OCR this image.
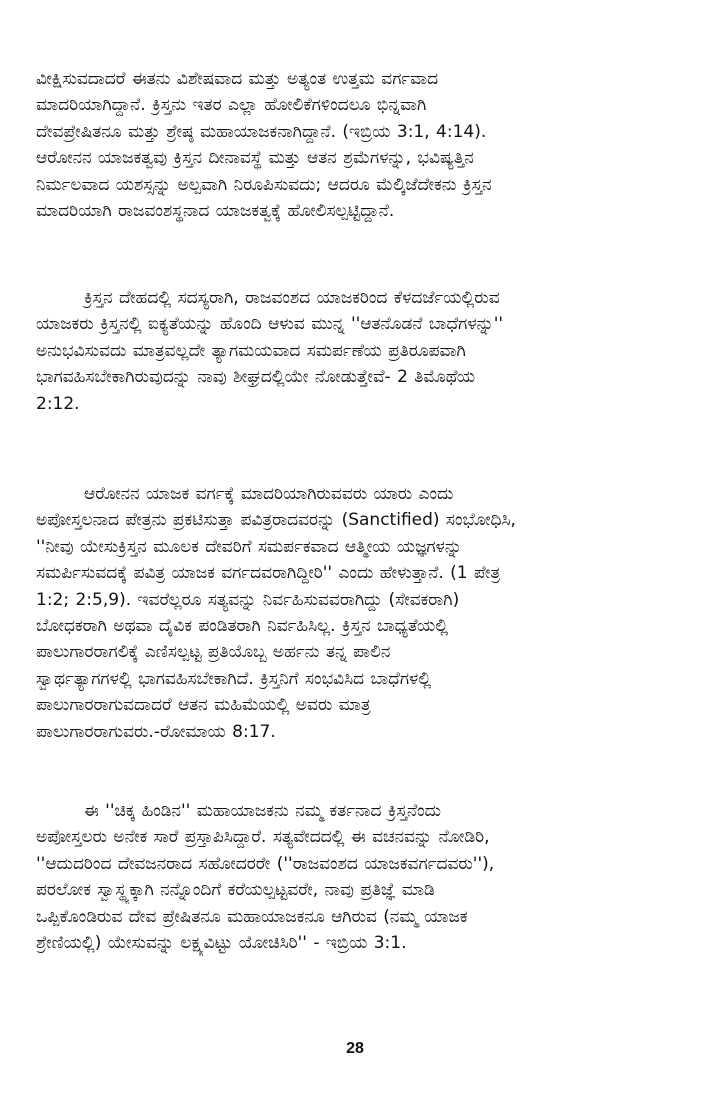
ವೀಕ್ಷಿಸುವದಾದರೆ ಈತನು ವಿಶೇಷವಾದ ಮತ್ತು ಅತ್ಯಂತ ಉತ್ತಮ ವರ್ಗವಾದ
ಮಾದರಿಯಾಗಿದ್ದಾನೆ. ಕ್ರಿಸ್ತನು ಇತರ ಎಲ್ಲಾ ಹೋಲಿಕೆಗಳಿಂದಲೂ ಭಿನ್ನವಾಗಿ
ದೇವಪ್ರೇಷಿತನೂ ಮತ್ತು ಶ್ರೇಷ್ಠ ಮಹಾಯಾಜಕನಾಗಿದ್ದಾನೆ. (ಇಬ್ರಿಯ 3:1, 4:14).
ಆರೋನನ ಯಾಜಕತ್ವವು ಕ್ರಿಸ್ತನ ದೀನಾವಸ್ಥೆ ಮತ್ತು ಆತನ ಶ್ರಮೆಗಳನ್ನು, ಭವಿಷ್ಯತ್ತಿನ
ನಿರ್ಮಲವಾದ ಯಶಸ್ಸನ್ನು ಅಲ್ಪವಾಗಿ ನಿರೂಪಿಸುವದು; ಆದರೂ ಮೆಲ್ಕಿಜೆದೇಕನು ಕ್ರಿಸ್ತನ
ಮಾದರಿಯಾಗಿ ರಾಜವಂಶಸ್ಥನಾದ ಯಾಜಕತ್ವಕ್ಕೆ ಹೋಲಿಸಲ್ಪಟ್ಟಿದ್ದಾನೆ.
ಕ್ರಿಸ್ತನ ದೇಹದಲ್ಲಿ ಸದಸ್ಯರಾಗಿ, ರಾಜವಂಶದ ಯಾಜಕರಿಂದ ಕೆಳದರ್ಜೆಯಲ್ಲಿರುವ
ಯಾಜಕರು ಕ್ರಿಸ್ತನಲ್ಲಿ ಐಕ್ಯತೆಯನ್ನು ಹೊಂದಿ ಆಳುವ ಮುನ್ನ ''ಆತನೊಡನೆ ಬಾಧೆಗಳನ್ನು''
ಅನುಭವಿಸುವದು ಮಾತ್ರವಲ್ಲದೇ ತ್ಯಾಗಮಯವಾದ ಸಮರ್ಪಣೆಯ ಪ್ರತಿರೂಪವಾಗಿ
ಭಾಗವಹಿಸಬೇಕಾಗಿರುವುದನ್ನು ನಾವು ಶೀಘ್ರದಲ್ಲಿಯೇ ನೋಡುತ್ತೇವೆ- 2 ತಿಮೊಥೆಯ
2:12.
ಆರೋನನ ಯಾಜಕ ವರ್ಗಕ್ಕೆ ಮಾದರಿಯಾಗಿರುವವರು ಯಾರು ಎಂದು
ಅಪೋಸ್ತಲನಾದ ಪೇತ್ರನು ಪ್ರಕಟಿಸುತ್ತಾ ಪವಿತ್ರರಾದವರನ್ನು (Sanctified) ಸಂಭೋಧಿಸಿ,
''ನೀವು ಯೇಸುಕ್ರಿಸ್ತನ ಮೂಲಕ ದೇವರಿಗೆ ಸಮರ್ಪಕವಾದ ಆತ್ಮೀಯ ಯಜ್ಞಗಳನ್ನು
ಸಮರ್ಪಿಸುವದಕ್ಕೆ ಪವಿತ್ರ ಯಾಜಕ ವರ್ಗದವರಾಗಿದ್ದೀರಿ'' ಎಂದು ಹೇಳುತ್ತಾನೆ. (1 ಪೇತ್ರ
1:2; 2:5,9). ಇವರೆಲ್ಲರೂ ಸತ್ಯವನ್ನು ನಿರ್ವಹಿಸುವವರಾಗಿದ್ದು (ಸೇವಕರಾಗಿ)
ಬೋಧಕರಾಗಿ ಅಥವಾ ದೈವಿಕ ಪಂಡಿತರಾಗಿ ನಿರ್ವಹಿಸಿಲ್ಲ. ಕ್ರಿಸ್ತನ ಬಾಧ್ಯತೆಯಲ್ಲಿ
ಪಾಲುಗಾರರಾಗಲಿಕ್ಕೆ ಎಣಿಸಲ್ಪಟ್ಟ ಪ್ರತಿಯೊಬ್ಬ ಅರ್ಹನು ತನ್ನ ಪಾಲಿನ
ಸ್ವಾರ್ಥತ್ಯಾಗಗಳಲ್ಲಿ ಭಾಗವಹಿಸಬೇಕಾಗಿದೆ. ಕ್ರಿಸ್ತನಿಗೆ ಸಂಭವಿಸಿದ ಬಾಧೆಗಳಲ್ಲಿ
ಪಾಲುಗಾರರಾಗುವದಾದರೆ ಆತನ ಮಹಿಮೆಯಲ್ಲಿ ಅವರು ಮಾತ್ರ
ಪಾಲುಗಾರರಾಗುವರು.-ರೋಮಾಯ 8:17.
ಈ ''ಚಿಕ್ಕ ಹಿಂಡಿನ'' ಮಹಾಯಾಜಕನು ನಮ್ಮ ಕರ್ತನಾದ ಕ್ರಿಸ್ತನೆಂದು
ಅಪೋಸ್ತಲರು ಅನೇಕ ಸಾರೆ ಪ್ರಸ್ತಾಪಿಸಿದ್ದಾರೆ. ಸತ್ಯವೇದದಲ್ಲಿ ಈ ವಚನವನ್ನು ನೋಡಿರಿ,
''ಆದುದರಿಂದ ದೇವಜನರಾದ ಸಹೋದರರೇ (''ರಾಜವಂಶದ ಯಾಜಕವರ್ಗದವರು''),
ಪರಲೋಕ ಸ್ವಾಸ್ಥ್ಯಕ್ಕಾಗಿ ನನ್ನೊಂದಿಗೆ ಕರೆಯಲ್ಪಟ್ಟವರೇ, ನಾವು ಪ್ರತಿಜ್ಞೆ ಮಾಡಿ
ಒಪ್ಪಿಕೊಂಡಿರುವ ದೇವ ಪ್ರೇಷಿತನೂ ಮಹಾಯಾಜಕನೂ ಆಗಿರುವ (ನಮ್ಮ ಯಾಜಕ
ಶ್ರೇಣಿಯಲ್ಲಿ) ಯೇಸುವನ್ನು ಲಕ್ಷ್ಯವಿಟ್ಟು ಯೋಚಿಸಿರಿ'' - ಇಬ್ರಿಯ 3:1.
28
